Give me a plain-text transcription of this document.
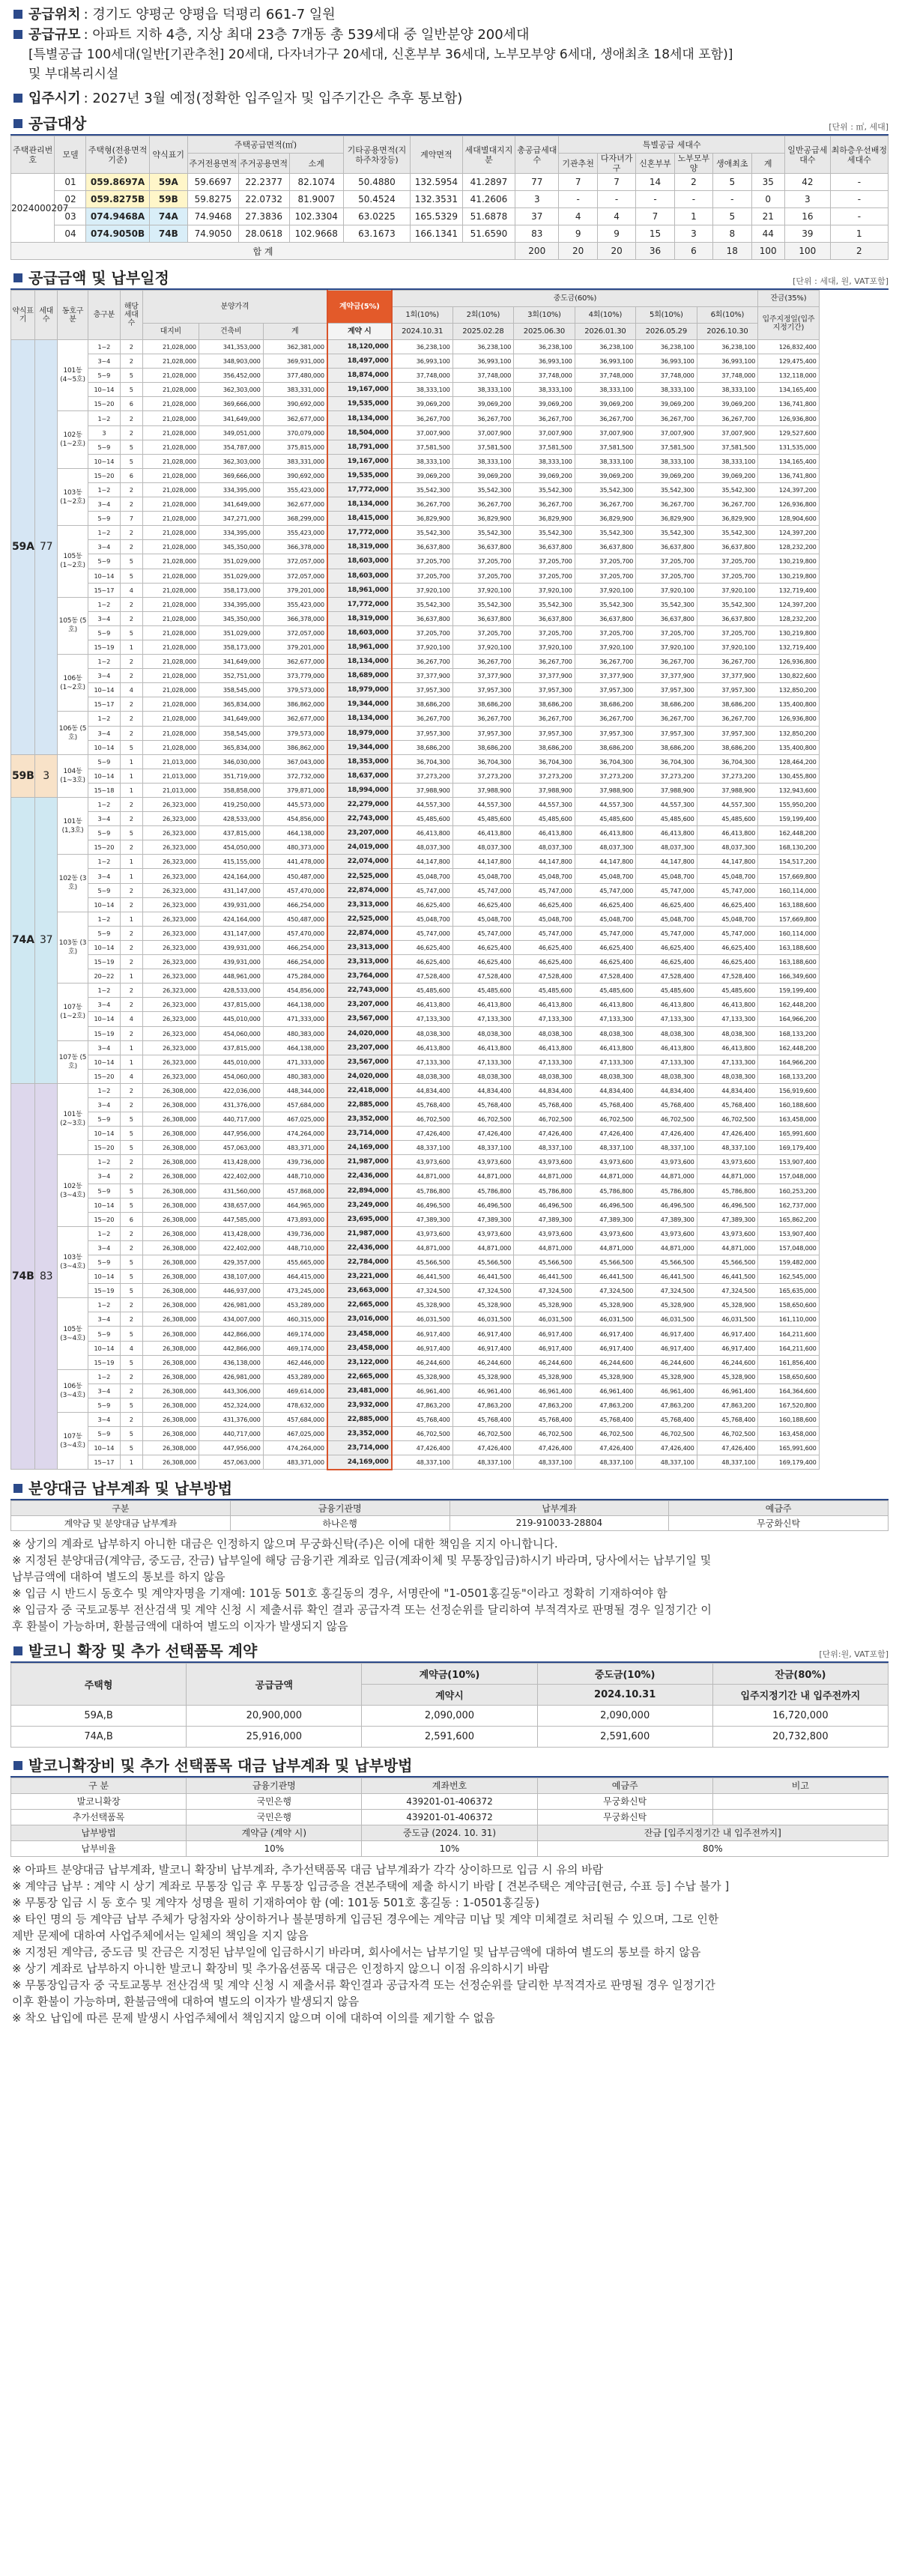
공급위치 : 경기도 양평군 양평읍 덕평리 661-7 일원
공급규모 : 아파트 지하 4층, 지상 최대 23층 7개동 총 539세대 중 일반분양 200세대
[특별공급 100세대(일반[기관추천] 20세대, 다자녀가구 20세대, 신혼부부 36세대, 노부모부양 6세대, 생애최초 18세대 포함)]
및 부대복리시설
입주시기 : 2027년 3월 예정(정확한 입주일자 및 입주기간은 추후 통보함)
공급대상	[단위 : ㎡, 세대]
주택관리번호	모델	주택형(전용면적기준)	약식표기	주택공급면적(㎡)			기타공용면적(지하주차장등)	계약면적	세대별대지지분	총공급세대수	특별공급 세대수						일반공급세대수	최하층우선배정세대수
				주거전용면적	주거공용면적	소계					기관추천	다자녀가구	신혼부부	노부모부양	생애최초	계		
2024000207	01	059.8697A	59A	59.6697	22.2377	82.1074	50.4880	132.5954	41.2897	77	7	7	14	2	5	35	42	-
	02	059.8275B	59B	59.8275	22.0732	81.9007	50.4524	132.3531	41.2606	3	-	-	-	-	-	0	3	-
	03	074.9468A	74A	74.9468	27.3836	102.3304	63.0225	165.5329	51.6878	37	4	4	7	1	5	21	16	-
	04	074.9050B	74B	74.9050	28.0618	102.9668	63.1673	166.1341	51.6590	83	9	9	15	3	8	44	39	1
합 계										200	20	20	36	6	18	100	100	2
공급금액 및 납부일정	[단위 : 세대, 원, VAT포함]
약식표기	세대수	동호구분	층구분	해당세대수	분양가격			계약금(5%)	중도금(60%)						잔금(35%)
									1회(10%)	2회(10%)	3회(10%)	4회(10%)	5회(10%)	6회(10%)	입주지정일(입주지정기간)
					대지비	건축비	계	계약 시	2024.10.31	2025.02.28	2025.06.30	2026.01.30	2026.05.29	2026.10.30	
59A	77	101동 (4~5호)	1~2	2	21,028,000	341,353,000	362,381,000	18,120,000	36,238,100	36,238,100	36,238,100	36,238,100	36,238,100	36,238,100	126,832,400
			3~4	2	21,028,000	348,903,000	369,931,000	18,497,000	36,993,100	36,993,100	36,993,100	36,993,100	36,993,100	36,993,100	129,475,400
			5~9	5	21,028,000	356,452,000	377,480,000	18,874,000	37,748,000	37,748,000	37,748,000	37,748,000	37,748,000	37,748,000	132,118,000
			10~14	5	21,028,000	362,303,000	383,331,000	19,167,000	38,333,100	38,333,100	38,333,100	38,333,100	38,333,100	38,333,100	134,165,400
			15~20	6	21,028,000	369,666,000	390,692,000	19,535,000	39,069,200	39,069,200	39,069,200	39,069,200	39,069,200	39,069,200	136,741,800
		102동 (1~2호)	1~2	2	21,028,000	341,649,000	362,677,000	18,134,000	36,267,700	36,267,700	36,267,700	36,267,700	36,267,700	36,267,700	126,936,800
			3	2	21,028,000	349,051,000	370,079,000	18,504,000	37,007,900	37,007,900	37,007,900	37,007,900	37,007,900	37,007,900	129,527,600
			5~9	5	21,028,000	354,787,000	375,815,000	18,791,000	37,581,500	37,581,500	37,581,500	37,581,500	37,581,500	37,581,500	131,535,000
			10~14	5	21,028,000	362,303,000	383,331,000	19,167,000	38,333,100	38,333,100	38,333,100	38,333,100	38,333,100	38,333,100	134,165,400
		103동 (1~2호)	15~20	6	21,028,000	369,666,000	390,692,000	19,535,000	39,069,200	39,069,200	39,069,200	39,069,200	39,069,200	39,069,200	136,741,800
			1~2	2	21,028,000	334,395,000	355,423,000	17,772,000	35,542,300	35,542,300	35,542,300	35,542,300	35,542,300	35,542,300	124,397,200
			3~4	2	21,028,000	341,649,000	362,677,000	18,134,000	36,267,700	36,267,700	36,267,700	36,267,700	36,267,700	36,267,700	126,936,800
			5~9	7	21,028,000	347,271,000	368,299,000	18,415,000	36,829,900	36,829,900	36,829,900	36,829,900	36,829,900	36,829,900	128,904,600
		105동 (1~2호)	1~2	2	21,028,000	334,395,000	355,423,000	17,772,000	35,542,300	35,542,300	35,542,300	35,542,300	35,542,300	35,542,300	124,397,200
			3~4	2	21,028,000	345,350,000	366,378,000	18,319,000	36,637,800	36,637,800	36,637,800	36,637,800	36,637,800	36,637,800	128,232,200
			5~9	5	21,028,000	351,029,000	372,057,000	18,603,000	37,205,700	37,205,700	37,205,700	37,205,700	37,205,700	37,205,700	130,219,800
			10~14	5	21,028,000	351,029,000	372,057,000	18,603,000	37,205,700	37,205,700	37,205,700	37,205,700	37,205,700	37,205,700	130,219,800
			15~17	4	21,028,000	358,173,000	379,201,000	18,961,000	37,920,100	37,920,100	37,920,100	37,920,100	37,920,100	37,920,100	132,719,400
		105동 (5호)	1~2	2	21,028,000	334,395,000	355,423,000	17,772,000	35,542,300	35,542,300	35,542,300	35,542,300	35,542,300	35,542,300	124,397,200
			3~4	2	21,028,000	345,350,000	366,378,000	18,319,000	36,637,800	36,637,800	36,637,800	36,637,800	36,637,800	36,637,800	128,232,200
			5~9	5	21,028,000	351,029,000	372,057,000	18,603,000	37,205,700	37,205,700	37,205,700	37,205,700	37,205,700	37,205,700	130,219,800
			15~19	1	21,028,000	358,173,000	379,201,000	18,961,000	37,920,100	37,920,100	37,920,100	37,920,100	37,920,100	37,920,100	132,719,400
		106동 (1~2호)	1~2	2	21,028,000	341,649,000	362,677,000	18,134,000	36,267,700	36,267,700	36,267,700	36,267,700	36,267,700	36,267,700	126,936,800
			3~4	2	21,028,000	352,751,000	373,779,000	18,689,000	37,377,900	37,377,900	37,377,900	37,377,900	37,377,900	37,377,900	130,822,600
			10~14	4	21,028,000	358,545,000	379,573,000	18,979,000	37,957,300	37,957,300	37,957,300	37,957,300	37,957,300	37,957,300	132,850,200
			15~17	2	21,028,000	365,834,000	386,862,000	19,344,000	38,686,200	38,686,200	38,686,200	38,686,200	38,686,200	38,686,200	135,400,800
		106동 (5호)	1~2	2	21,028,000	341,649,000	362,677,000	18,134,000	36,267,700	36,267,700	36,267,700	36,267,700	36,267,700	36,267,700	126,936,800
			3~4	2	21,028,000	358,545,000	379,573,000	18,979,000	37,957,300	37,957,300	37,957,300	37,957,300	37,957,300	37,957,300	132,850,200
			10~14	5	21,028,000	365,834,000	386,862,000	19,344,000	38,686,200	38,686,200	38,686,200	38,686,200	38,686,200	38,686,200	135,400,800
59B	3	104동 (1~3호)	5~9	1	21,013,000	346,030,000	367,043,000	18,353,000	36,704,300	36,704,300	36,704,300	36,704,300	36,704,300	36,704,300	128,464,200
			10~14	1	21,013,000	351,719,000	372,732,000	18,637,000	37,273,200	37,273,200	37,273,200	37,273,200	37,273,200	37,273,200	130,455,800
			15~18	1	21,013,000	358,858,000	379,871,000	18,994,000	37,988,900	37,988,900	37,988,900	37,988,900	37,988,900	37,988,900	132,943,600
74A	37	101동 (1,3호)	1~2	2	26,323,000	419,250,000	445,573,000	22,279,000	44,557,300	44,557,300	44,557,300	44,557,300	44,557,300	44,557,300	155,950,200
			3~4	2	26,323,000	428,533,000	454,856,000	22,743,000	45,485,600	45,485,600	45,485,600	45,485,600	45,485,600	45,485,600	159,199,400
			5~9	5	26,323,000	437,815,000	464,138,000	23,207,000	46,413,800	46,413,800	46,413,800	46,413,800	46,413,800	46,413,800	162,448,200
			15~20	2	26,323,000	454,050,000	480,373,000	24,019,000	48,037,300	48,037,300	48,037,300	48,037,300	48,037,300	48,037,300	168,130,200
		102동 (3호)	1~2	1	26,323,000	415,155,000	441,478,000	22,074,000	44,147,800	44,147,800	44,147,800	44,147,800	44,147,800	44,147,800	154,517,200
			3~4	1	26,323,000	424,164,000	450,487,000	22,525,000	45,048,700	45,048,700	45,048,700	45,048,700	45,048,700	45,048,700	157,669,800
			5~9	2	26,323,000	431,147,000	457,470,000	22,874,000	45,747,000	45,747,000	45,747,000	45,747,000	45,747,000	45,747,000	160,114,000
			10~14	2	26,323,000	439,931,000	466,254,000	23,313,000	46,625,400	46,625,400	46,625,400	46,625,400	46,625,400	46,625,400	163,188,600
		103동 (3호)	1~2	1	26,323,000	424,164,000	450,487,000	22,525,000	45,048,700	45,048,700	45,048,700	45,048,700	45,048,700	45,048,700	157,669,800
			5~9	2	26,323,000	431,147,000	457,470,000	22,874,000	45,747,000	45,747,000	45,747,000	45,747,000	45,747,000	45,747,000	160,114,000
			10~14	2	26,323,000	439,931,000	466,254,000	23,313,000	46,625,400	46,625,400	46,625,400	46,625,400	46,625,400	46,625,400	163,188,600
			15~19	2	26,323,000	439,931,000	466,254,000	23,313,000	46,625,400	46,625,400	46,625,400	46,625,400	46,625,400	46,625,400	163,188,600
			20~22	1	26,323,000	448,961,000	475,284,000	23,764,000	47,528,400	47,528,400	47,528,400	47,528,400	47,528,400	47,528,400	166,349,600
		107동 (1~2호)	1~2	2	26,323,000	428,533,000	454,856,000	22,743,000	45,485,600	45,485,600	45,485,600	45,485,600	45,485,600	45,485,600	159,199,400
			3~4	2	26,323,000	437,815,000	464,138,000	23,207,000	46,413,800	46,413,800	46,413,800	46,413,800	46,413,800	46,413,800	162,448,200
			10~14	4	26,323,000	445,010,000	471,333,000	23,567,000	47,133,300	47,133,300	47,133,300	47,133,300	47,133,300	47,133,300	164,966,200
			15~19	2	26,323,000	454,060,000	480,383,000	24,020,000	48,038,300	48,038,300	48,038,300	48,038,300	48,038,300	48,038,300	168,133,200
		107동 (5호)	3~4	1	26,323,000	437,815,000	464,138,000	23,207,000	46,413,800	46,413,800	46,413,800	46,413,800	46,413,800	46,413,800	162,448,200
			10~14	1	26,323,000	445,010,000	471,333,000	23,567,000	47,133,300	47,133,300	47,133,300	47,133,300	47,133,300	47,133,300	164,966,200
			15~20	4	26,323,000	454,060,000	480,383,000	24,020,000	48,038,300	48,038,300	48,038,300	48,038,300	48,038,300	48,038,300	168,133,200
74B	83	101동 (2~3호)	1~2	2	26,308,000	422,036,000	448,344,000	22,418,000	44,834,400	44,834,400	44,834,400	44,834,400	44,834,400	44,834,400	156,919,600
			3~4	2	26,308,000	431,376,000	457,684,000	22,885,000	45,768,400	45,768,400	45,768,400	45,768,400	45,768,400	45,768,400	160,188,600
			5~9	5	26,308,000	440,717,000	467,025,000	23,352,000	46,702,500	46,702,500	46,702,500	46,702,500	46,702,500	46,702,500	163,458,000
			10~14	5	26,308,000	447,956,000	474,264,000	23,714,000	47,426,400	47,426,400	47,426,400	47,426,400	47,426,400	47,426,400	165,991,600
			15~20	5	26,308,000	457,063,000	483,371,000	24,169,000	48,337,100	48,337,100	48,337,100	48,337,100	48,337,100	48,337,100	169,179,400
		102동 (3~4호)	1~2	2	26,308,000	413,428,000	439,736,000	21,987,000	43,973,600	43,973,600	43,973,600	43,973,600	43,973,600	43,973,600	153,907,400
			3~4	2	26,308,000	422,402,000	448,710,000	22,436,000	44,871,000	44,871,000	44,871,000	44,871,000	44,871,000	44,871,000	157,048,000
			5~9	5	26,308,000	431,560,000	457,868,000	22,894,000	45,786,800	45,786,800	45,786,800	45,786,800	45,786,800	45,786,800	160,253,200
			10~14	5	26,308,000	438,657,000	464,965,000	23,249,000	46,496,500	46,496,500	46,496,500	46,496,500	46,496,500	46,496,500	162,737,000
			15~20	6	26,308,000	447,585,000	473,893,000	23,695,000	47,389,300	47,389,300	47,389,300	47,389,300	47,389,300	47,389,300	165,862,200
		103동 (3~4호)	1~2	2	26,308,000	413,428,000	439,736,000	21,987,000	43,973,600	43,973,600	43,973,600	43,973,600	43,973,600	43,973,600	153,907,400
			3~4	2	26,308,000	422,402,000	448,710,000	22,436,000	44,871,000	44,871,000	44,871,000	44,871,000	44,871,000	44,871,000	157,048,000
			5~9	5	26,308,000	429,357,000	455,665,000	22,784,000	45,566,500	45,566,500	45,566,500	45,566,500	45,566,500	45,566,500	159,482,000
			10~14	5	26,308,000	438,107,000	464,415,000	23,221,000	46,441,500	46,441,500	46,441,500	46,441,500	46,441,500	46,441,500	162,545,000
			15~19	5	26,308,000	446,937,000	473,245,000	23,663,000	47,324,500	47,324,500	47,324,500	47,324,500	47,324,500	47,324,500	165,635,000
		105동 (3~4호)	1~2	2	26,308,000	426,981,000	453,289,000	22,665,000	45,328,900	45,328,900	45,328,900	45,328,900	45,328,900	45,328,900	158,650,600
			3~4	2	26,308,000	434,007,000	460,315,000	23,016,000	46,031,500	46,031,500	46,031,500	46,031,500	46,031,500	46,031,500	161,110,000
			5~9	5	26,308,000	442,866,000	469,174,000	23,458,000	46,917,400	46,917,400	46,917,400	46,917,400	46,917,400	46,917,400	164,211,600
			10~14	4	26,308,000	442,866,000	469,174,000	23,458,000	46,917,400	46,917,400	46,917,400	46,917,400	46,917,400	46,917,400	164,211,600
			15~19	5	26,308,000	436,138,000	462,446,000	23,122,000	46,244,600	46,244,600	46,244,600	46,244,600	46,244,600	46,244,600	161,856,400
		106동 (3~4호)	1~2	2	26,308,000	426,981,000	453,289,000	22,665,000	45,328,900	45,328,900	45,328,900	45,328,900	45,328,900	45,328,900	158,650,600
			3~4	2	26,308,000	443,306,000	469,614,000	23,481,000	46,961,400	46,961,400	46,961,400	46,961,400	46,961,400	46,961,400	164,364,600
			5~9	5	26,308,000	452,324,000	478,632,000	23,932,000	47,863,200	47,863,200	47,863,200	47,863,200	47,863,200	47,863,200	167,520,800
		107동 (3~4호)	3~4	2	26,308,000	431,376,000	457,684,000	22,885,000	45,768,400	45,768,400	45,768,400	45,768,400	45,768,400	45,768,400	160,188,600
			5~9	5	26,308,000	440,717,000	467,025,000	23,352,000	46,702,500	46,702,500	46,702,500	46,702,500	46,702,500	46,702,500	163,458,000
			10~14	5	26,308,000	447,956,000	474,264,000	23,714,000	47,426,400	47,426,400	47,426,400	47,426,400	47,426,400	47,426,400	165,991,600
			15~17	1	26,308,000	457,063,000	483,371,000	24,169,000	48,337,100	48,337,100	48,337,100	48,337,100	48,337,100	48,337,100	169,179,400
분양대금 납부계좌 및 납부방법
구분	금융기관명	납부계좌	예금주
계약금 및 분양대금 납부계좌	하나은행	219-910033-28804	무궁화신탁
※ 상기의 계좌로 납부하지 아니한 대금은 인정하지 않으며 무궁화신탁(주)은 이에 대한 책임을 지지 아니합니다.
※ 지정된 분양대금(계약금, 중도금, 잔금) 납부일에 해당 금융기관 계좌로 입금(계좌이체 및 무통장입금)하시기 바라며, 당사에서는 납부기일 및
납부금액에 대하여 별도의 통보를 하지 않음
※ 입금 시 반드시 동호수 및 계약자명을 기재예: 101동 501호 홍길동의 경우, 서명란에 "1-0501홍길동"이라고 정확히 기재하여야 함
※ 입금자 중 국토교통부 전산검색 및 계약 신청 시 제출서류 확인 결과 공급자격 또는 선정순위를 달리하여 부적격자로 판명될 경우 일정기간 이
후 환불이 가능하며, 환불금액에 대하여 별도의 이자가 발생되지 않음
발코니 확장 및 추가 선택품목 계약	[단위:원, VAT포함]
주택형	공급금액	계약금(10%)	중도금(10%)	잔금(80%)
		계약시	2024.10.31	입주지정기간 내 입주전까지
59A,B	20,900,000	2,090,000	2,090,000	16,720,000
74A,B	25,916,000	2,591,600	2,591,600	20,732,800
발코니확장비 및 추가 선택품목 대금 납부계좌 및 납부방법
구 분	금융기관명	계좌번호	예금주	비고
발코니확장	국민은행	439201-01-406372	무궁화신탁	
추가선택품목	국민은행	439201-01-406372	무궁화신탁	
납부방법	계약금 (계약 시)	중도금 (2024. 10. 31)	잔금 [입주지정기간 내 입주전까지]	
납부비율	10%	10%	80%	
※ 아파트 분양대금 납부계좌, 발코니 확장비 납부계좌, 추가선택품목 대금 납부계좌가 각각 상이하므로 입금 시 유의 바람
※ 계약금 납부 : 계약 시 상기 계좌로 무통장 입금 후 무통장 입금증을 견본주택에 제출 하시기 바람 [ 견본주택은 계약금[현금, 수표 등] 수납 불가 ]
※ 무통장 입금 시 동 호수 및 계약자 성명을 필히 기재하여야 함 (예: 101동 501호 홍길동 : 1-0501홍길동)
※ 타인 명의 등 계약금 납부 주체가 당첨자와 상이하거나 불분명하게 입금된 경우에는 계약금 미납 및 계약 미체결로 처리될 수 있으며, 그로 인한
제반 문제에 대하여 사업주체에서는 일체의 책임을 지지 않음
※ 지정된 계약금, 중도금 및 잔금은 지정된 납부일에 입금하시기 바라며, 회사에서는 납부기일 및 납부금액에 대하여 별도의 통보를 하지 않음
※ 상기 계좌로 납부하지 아니한 발코니 확장비 및 추가옵션품목 대금은 인정하지 않으니 이점 유의하시기 바람
※ 무통장입금자 중 국토교통부 전산검색 및 계약 신청 시 제출서류 확인결과 공급자격 또는 선정순위를 달리한 부적격자로 판명될 경우 일정기간
이후 환불이 가능하며, 환불금액에 대하여 별도의 이자가 발생되지 않음
※ 착오 납입에 따른 문제 발생시 사업주체에서 책임지지 않으며 이에 대하여 이의를 제기할 수 없음
